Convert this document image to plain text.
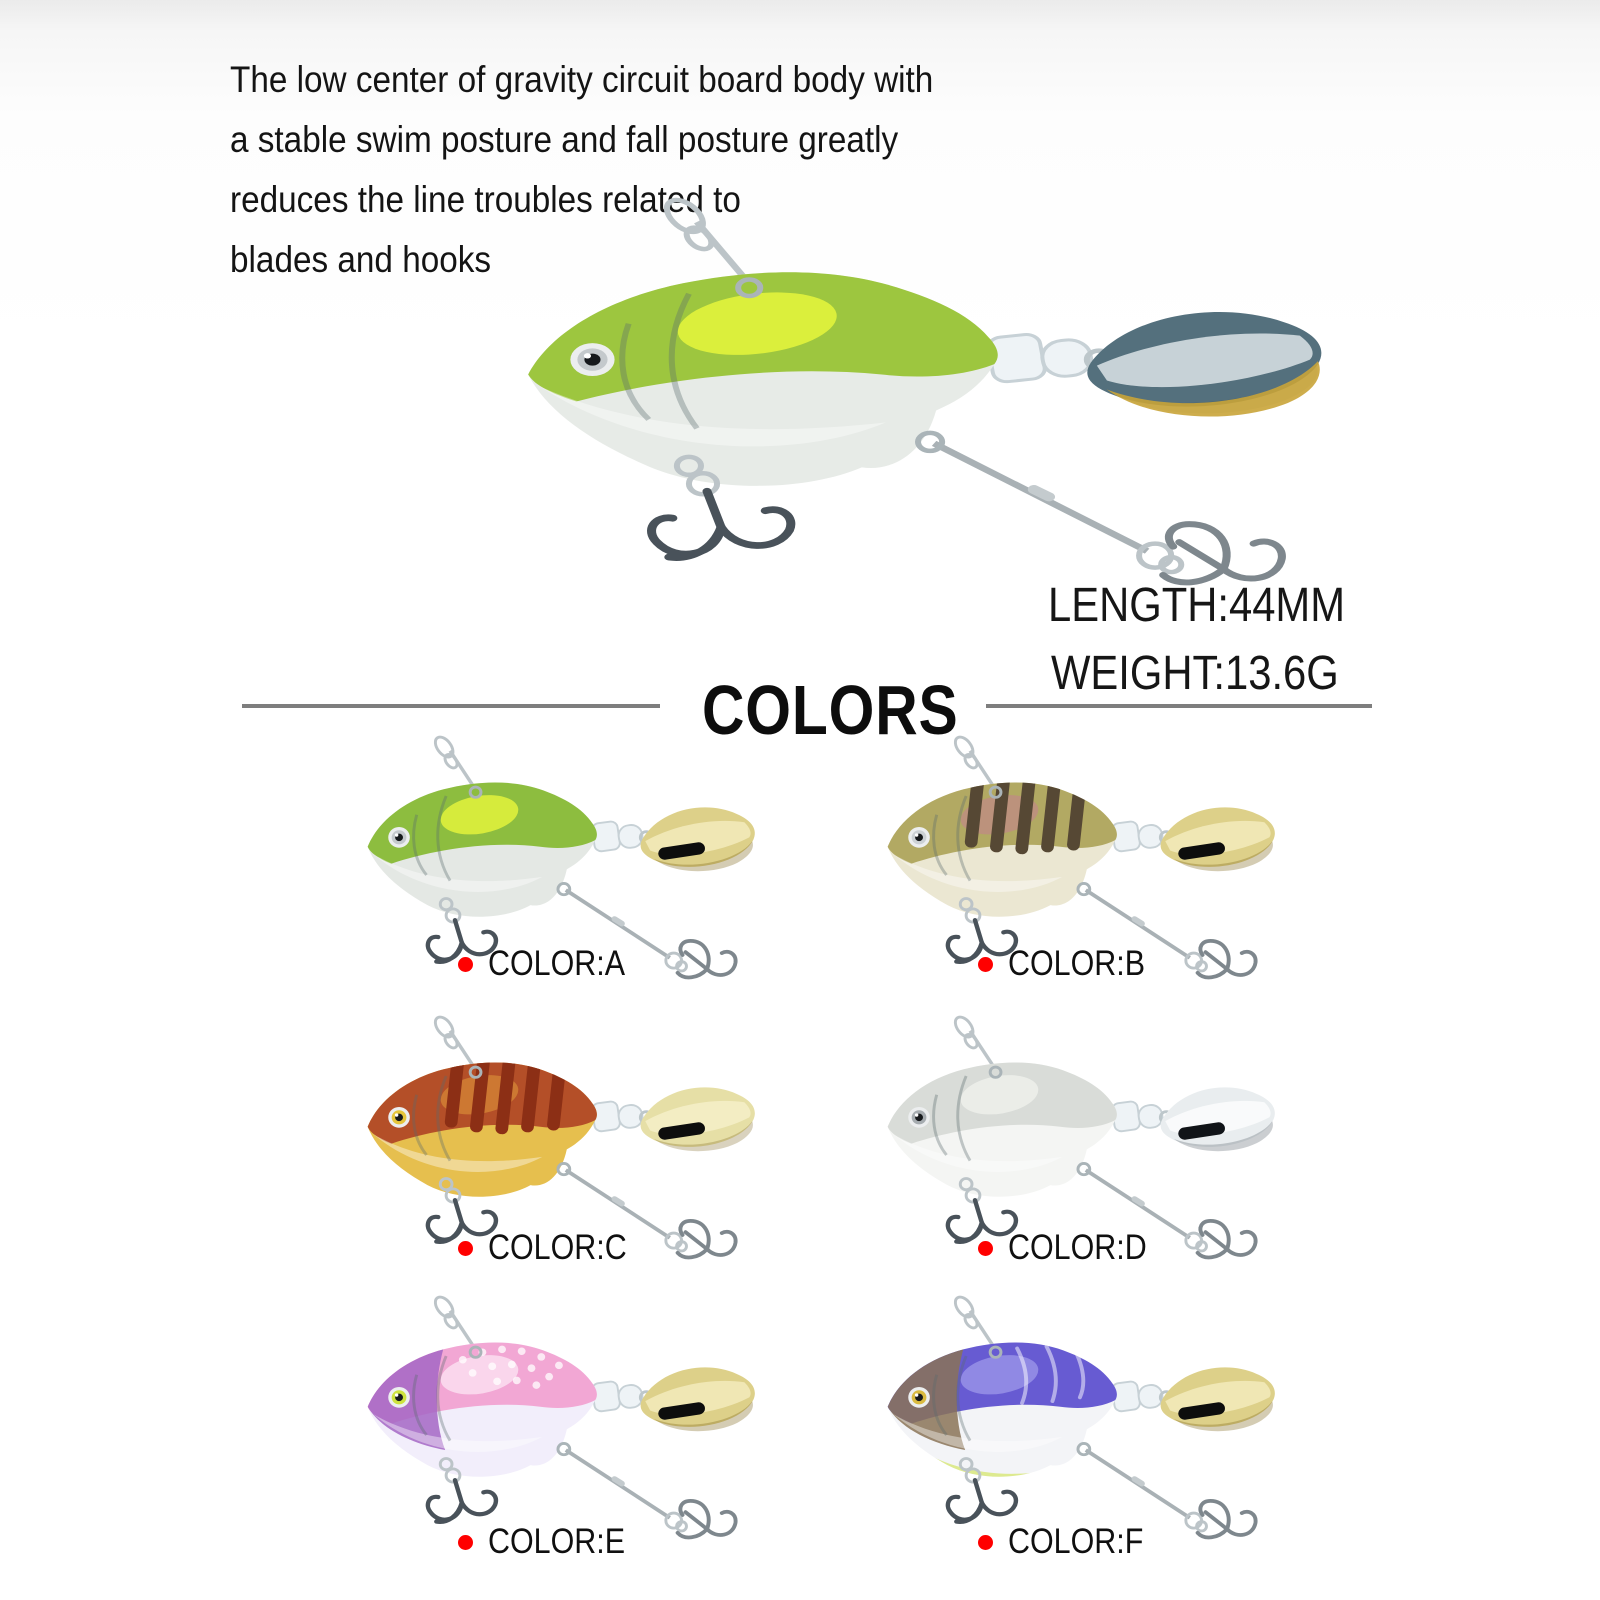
The low center of gravity circuit board body with
a stable swim posture and fall posture greatly
reduces the line troubles related to
blades and hooks
LENGTH:44MM
WEIGHT:13.6G
COLORS
COLOR:A	COLOR:B
COLOR:C	COLOR:D
COLOR:E	COLOR:F
